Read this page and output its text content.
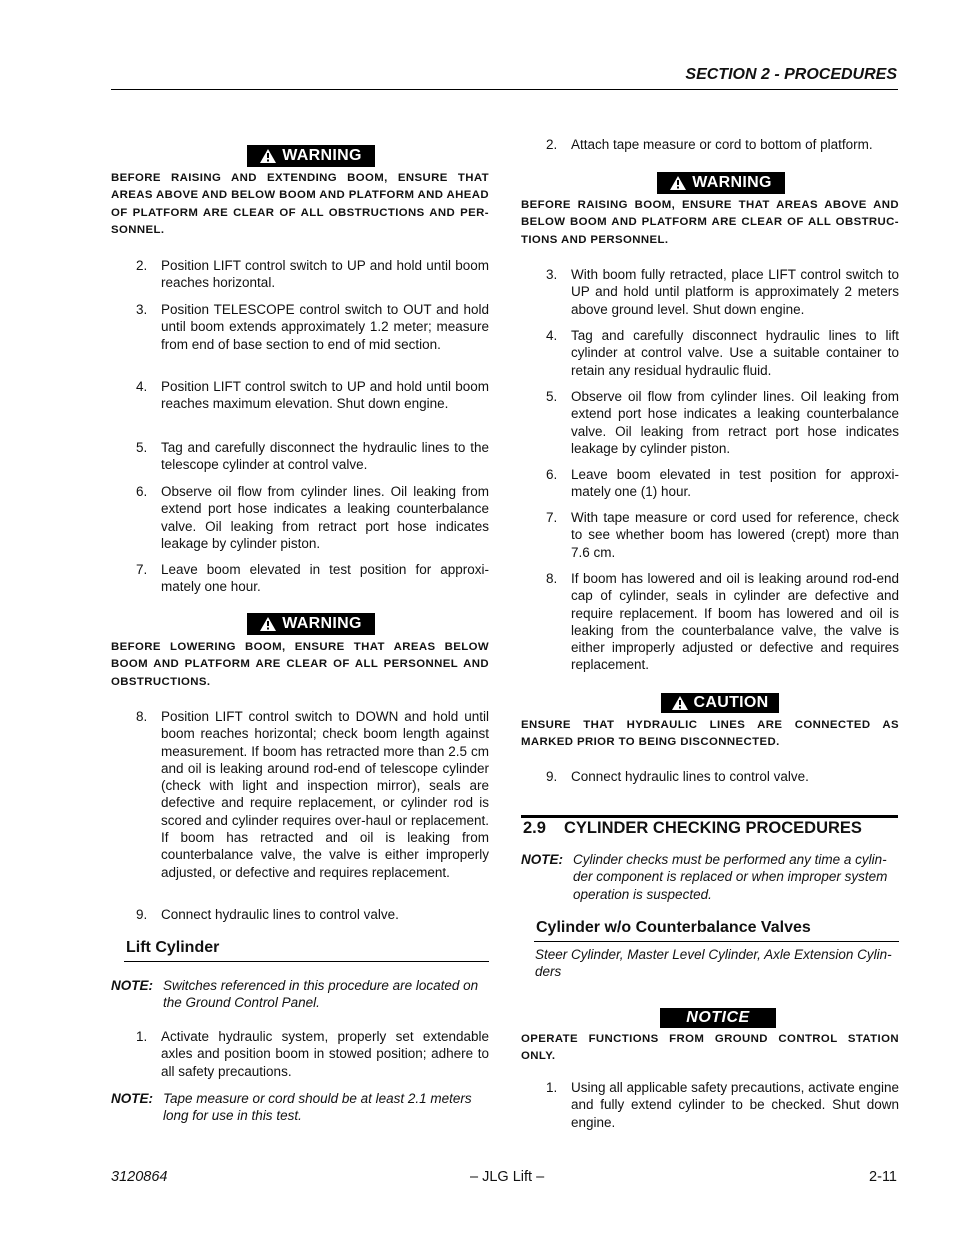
SECTION 2 - PROCEDURES
WARNING
BEFORE RAISING AND EXTENDING BOOM, ENSURE THAT AREAS ABOVE AND BELOW BOOM AND PLATFORM AND AHEAD OF PLATFORM ARE CLEAR OF ALL OBSTRUCTIONS AND PER-SONNEL.
2. Position LIFT control switch to UP and hold until boom reaches horizontal.
3. Position TELESCOPE control switch to OUT and hold until boom extends approximately 1.2 meter; measure from end of base section to end of mid section.
4. Position LIFT control switch to UP and hold until boom reaches maximum elevation. Shut down engine.
5. Tag and carefully disconnect the hydraulic lines to the telescope cylinder at control valve.
6. Observe oil flow from cylinder lines. Oil leaking from extend port hose indicates a leaking counterbalance valve. Oil leaking from retract port hose indicates leakage by cylinder piston.
7. Leave boom elevated in test position for approxi-mately one hour.
WARNING
BEFORE LOWERING BOOM, ENSURE THAT AREAS BELOW BOOM AND PLATFORM ARE CLEAR OF ALL PERSONNEL AND OBSTRUCTIONS.
8. Position LIFT control switch to DOWN and hold until boom reaches horizontal; check boom length against measurement. If boom has retracted more than 2.5 cm and oil is leaking around rod-end of telescope cylinder (check with light and inspection mirror), seals are defective and require replacement, or cylinder rod is scored and cylinder requires over-haul or replacement. If boom has retracted and oil is leaking from counterbalance valve, the valve is either improperly adjusted, or defective and requires replacement.
9. Connect hydraulic lines to control valve.
Lift Cylinder
NOTE: Switches referenced in this procedure are located on the Ground Control Panel.
1. Activate hydraulic system, properly set extendable axles and position boom in stowed position; adhere to all safety precautions.
NOTE: Tape measure or cord should be at least 2.1 meters long for use in this test.
2. Attach tape measure or cord to bottom of platform.
WARNING
BEFORE RAISING BOOM, ENSURE THAT AREAS ABOVE AND BELOW BOOM AND PLATFORM ARE CLEAR OF ALL OBSTRUC-TIONS AND PERSONNEL.
3. With boom fully retracted, place LIFT control switch to UP and hold until platform is approximately 2 meters above ground level. Shut down engine.
4. Tag and carefully disconnect hydraulic lines to lift cylinder at control valve. Use a suitable container to retain any residual hydraulic fluid.
5. Observe oil flow from cylinder lines. Oil leaking from extend port hose indicates a leaking counterbalance valve. Oil leaking from retract port hose indicates leakage by cylinder piston.
6. Leave boom elevated in test position for approxi-mately one (1) hour.
7. With tape measure or cord used for reference, check to see whether boom has lowered (crept) more than 7.6 cm.
8. If boom has lowered and oil is leaking around rod-end cap of cylinder, seals in cylinder are defective and require replacement. If boom has lowered and oil is leaking from the counterbalance valve, the valve is either improperly adjusted or defective and requires replacement.
CAUTION
ENSURE THAT HYDRAULIC LINES ARE CONNECTED AS MARKED PRIOR TO BEING DISCONNECTED.
9. Connect hydraulic lines to control valve.
2.9 CYLINDER CHECKING PROCEDURES
NOTE: Cylinder checks must be performed any time a cylin-der component is replaced or when improper system operation is suspected.
Cylinder w/o Counterbalance Valves
Steer Cylinder, Master Level Cylinder, Axle Extension Cylin-ders
NOTICE
OPERATE FUNCTIONS FROM GROUND CONTROL STATION ONLY.
1. Using all applicable safety precautions, activate engine and fully extend cylinder to be checked. Shut down engine.
3120864	– JLG Lift –	2-11
